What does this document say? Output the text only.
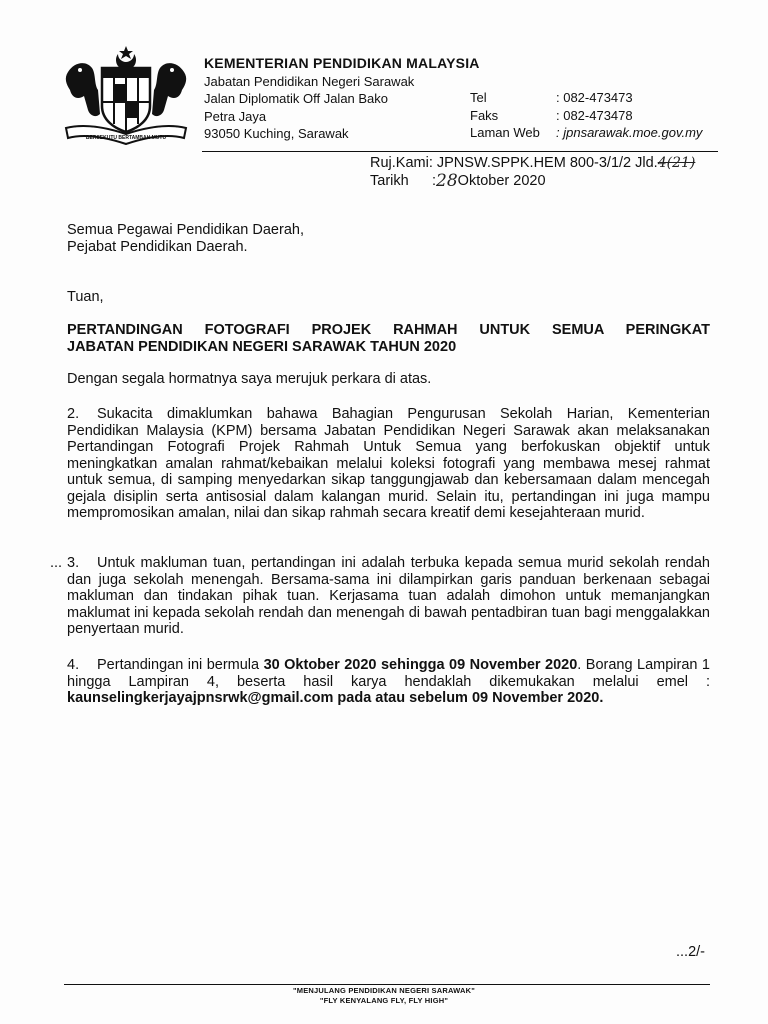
BERSEKUTU BERTAMBAH MUTU
KEMENTERIAN PENDIDIKAN MALAYSIA
Jabatan Pendidikan Negeri Sarawak
Jalan Diplomatik Off Jalan Bako
Petra Jaya
93050 Kuching, Sarawak
Tel	: 082-473473
Faks	: 082-473478
Laman Web	: jpnsarawak.moe.gov.my
Ruj.Kami : JPNSW.SPPK.HEM 800-3/1/2 Jld. 4(21)
Tarikh	: 28 Oktober 2020
Semua Pegawai Pendidikan Daerah,
Pejabat Pendidikan Daerah.
Tuan,
PERTANDINGAN FOTOGRAFI PROJEK RAHMAH UNTUK SEMUA PERINGKAT
JABATAN PENDIDIKAN NEGERI SARAWAK TAHUN 2020
Dengan segala hormatnya saya merujuk perkara di atas.
2. Sukacita dimaklumkan bahawa Bahagian Pengurusan Sekolah Harian, Kementerian Pendidikan Malaysia (KPM) bersama Jabatan Pendidikan Negeri Sarawak akan melaksanakan Pertandingan Fotografi Projek Rahmah Untuk Semua yang berfokuskan objektif untuk meningkatkan amalan rahmat/kebaikan melalui koleksi fotografi yang membawa mesej rahmat untuk semua, di samping menyedarkan sikap tanggungjawab dan kebersamaan dalam mencegah gejala disiplin serta antisosial dalam kalangan murid. Selain itu, pertandingan ini juga mampu mempromosikan amalan, nilai dan sikap rahmah secara kreatif demi kesejahteraan murid.
... 3. Untuk makluman tuan, pertandingan ini adalah terbuka kepada semua murid sekolah rendah dan juga sekolah menengah. Bersama-sama ini dilampirkan garis panduan berkenaan sebagai makluman dan tindakan pihak tuan. Kerjasama tuan adalah dimohon untuk memanjangkan maklumat ini kepada sekolah rendah dan menengah di bawah pentadbiran tuan bagi menggalakkan penyertaan murid.
4. Pertandingan ini bermula 30 Oktober 2020 sehingga 09 November 2020. Borang Lampiran 1 hingga Lampiran 4, beserta hasil karya hendaklah dikemukakan melalui emel : kaunselingkerjayajpnsrwk@gmail.com pada atau sebelum 09 November 2020.
...2/-
"MENJULANG PENDIDIKAN NEGERI SARAWAK"
"FLY KENYALANG FLY, FLY HIGH"
